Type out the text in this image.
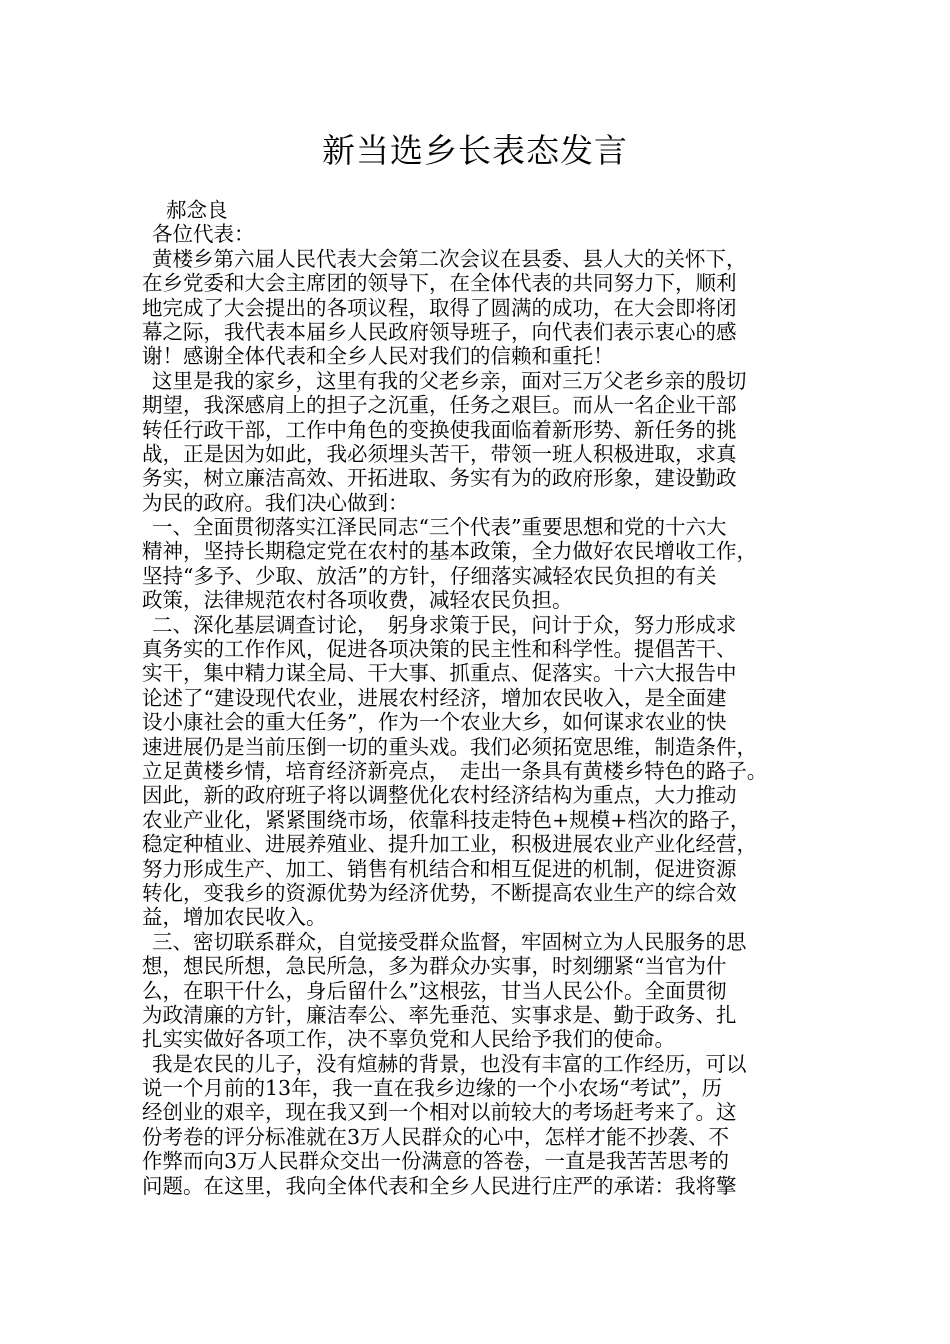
新当选乡长表态发言
郝念良
各位代表：
黄楼乡第六届人民代表大会第二次会议在县委、县人大的关怀下，
在乡党委和大会主席团的领导下，在全体代表的共同努力下，顺利
地完成了大会提出的各项议程，取得了圆满的成功，在大会即将闭
幕之际，我代表本届乡人民政府领导班子，向代表们表示衷心的感
谢！感谢全体代表和全乡人民对我们的信赖和重托！
这里是我的家乡，这里有我的父老乡亲，面对三万父老乡亲的殷切
期望，我深感肩上的担子之沉重，任务之艰巨。而从一名企业干部
转任行政干部，工作中角色的变换使我面临着新形势、新任务的挑
战，正是因为如此，我必须埋头苦干，带领一班人积极进取，求真
务实，树立廉洁高效、开拓进取、务实有为的政府形象，建设勤政
为民的政府。我们决心做到：
一、全面贯彻落实江泽民同志“三个代表”重要思想和党的十六大
精神，坚持长期稳定党在农村的基本政策，全力做好农民增收工作，
坚持“多予、少取、放活”的方针，仔细落实减轻农民负担的有关
政策，法律规范农村各项收费，减轻农民负担。
二、深化基层调查讨论，　躬身求策于民，问计于众，努力形成求
真务实的工作作风，促进各项决策的民主性和科学性。提倡苦干、
实干，集中精力谋全局、干大事、抓重点、促落实。十六大报告中
论述了“建设现代农业，进展农村经济，增加农民收入，是全面建
设小康社会的重大任务”，作为一个农业大乡，如何谋求农业的快
速进展仍是当前压倒一切的重头戏。我们必须拓宽思维，制造条件，
立足黄楼乡情，培育经济新亮点，　走出一条具有黄楼乡特色的路子。
因此，新的政府班子将以调整优化农村经济结构为重点，大力推动
农业产业化，紧紧围绕市场，依靠科技走特色+规模+档次的路子，
稳定种植业、进展养殖业、提升加工业，积极进展农业产业化经营，
努力形成生产、加工、销售有机结合和相互促进的机制，促进资源
转化，变我乡的资源优势为经济优势，不断提高农业生产的综合效
益，增加农民收入。
三、密切联系群众，自觉接受群众监督，牢固树立为人民服务的思
想，想民所想，急民所急，多为群众办实事，时刻绷紧“当官为什
么，在职干什么，身后留什么”这根弦，甘当人民公仆。全面贯彻
为政清廉的方针，廉洁奉公、率先垂范、实事求是、勤于政务、扎
扎实实做好各项工作，决不辜负党和人民给予我们的使命。
我是农民的儿子，没有煊赫的背景，也没有丰富的工作经历，可以
说一个月前的13年，我一直在我乡边缘的一个小农场“考试”，历
经创业的艰辛，现在我又到一个相对以前较大的考场赶考来了。这
份考卷的评分标准就在3万人民群众的心中，怎样才能不抄袭、不
作弊而向3万人民群众交出一份满意的答卷，一直是我苦苦思考的
问题。在这里，我向全体代表和全乡人民进行庄严的承诺：我将擎
